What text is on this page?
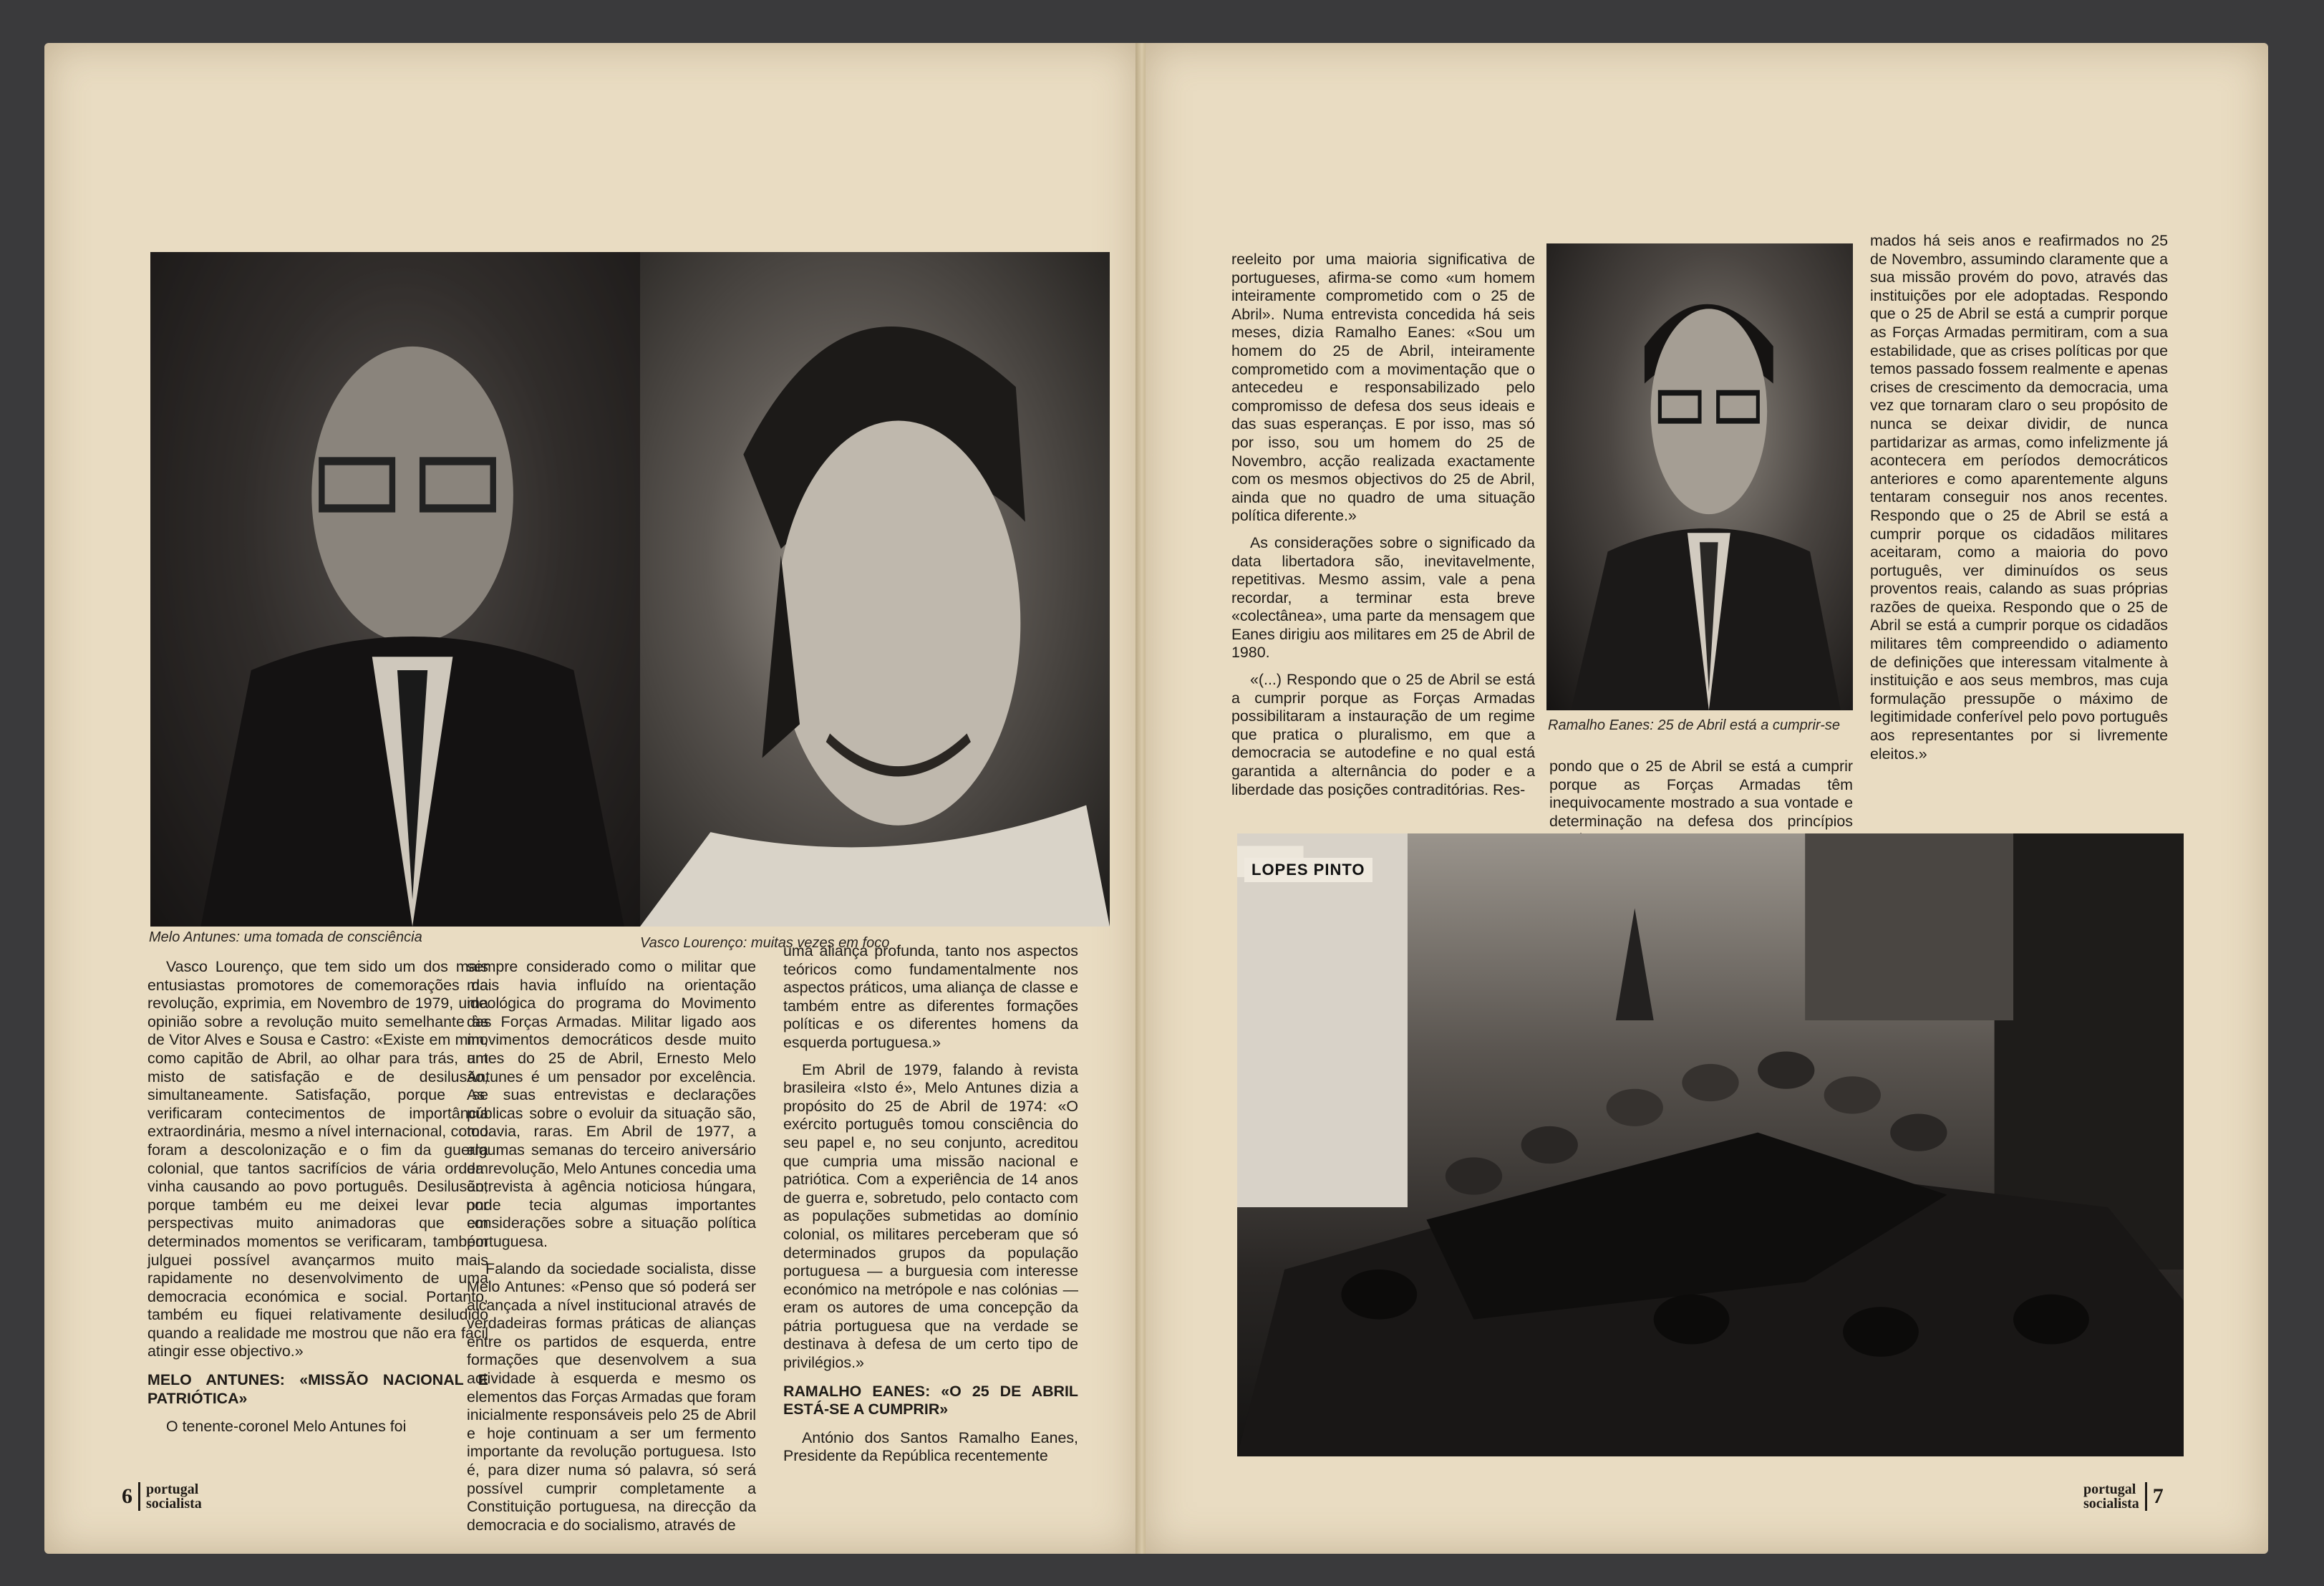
Melo Antunes: uma tomada de consciência	Vasco Lourenço: muitas vezes em foco

Vasco Lourenço, que tem sido um dos mais entusiastas promotores de comemorações da revolução, exprimia, em Novembro de 1979, uma opinião sobre a revolução muito semelhante às de Vitor Alves e Sousa e Castro: «Existe em mim, como capitão de Abril, ao olhar para trás, um misto de satisfação e de desilusão, simultaneamente. Satisfação, porque se verificaram contecimentos de importância extraordinária, mesmo a nível internacional, como foram a descolonização e o fim da guerra colonial, que tantos sacrifícios de vária ordem vinha causando ao povo português. Desilusão, porque também eu me deixei levar por perspectivas muito animadoras que em determinados momentos se verificaram, também julguei possível avançarmos muito mais rapidamente no desenvolvimento de uma democracia económica e social. Portanto, também eu fiquei relativamente desiludido quando a realidade me mostrou que não era fácil atingir esse objectivo.»

MELO ANTUNES: «MISSÃO NACIONAL E PATRIÓTICA»

O tenente-coronel Melo Antunes foi

sempre considerado como o militar que mais havia influído na orientação ideológica do programa do Movimento das Forças Armadas. Militar ligado aos movimentos democráticos desde muito antes do 25 de Abril, Ernesto Melo Antunes é um pensador por excelência. As suas entrevistas e declarações públicas sobre o evoluir da situação são, todavia, raras. Em Abril de 1977, a algumas semanas do terceiro aniversário da revolução, Melo Antunes concedia uma entrevista à agência noticiosa húngara, onde tecia algumas importantes considerações sobre a situação política portuguesa.

Falando da sociedade socialista, disse Melo Antunes: «Penso que só poderá ser alcançada a nível institucional através de verdadeiras formas práticas de alianças entre os partidos de esquerda, entre formações que desenvolvem a sua actividade à esquerda e mesmo os elementos das Forças Armadas que foram inicialmente responsáveis pelo 25 de Abril e hoje continuam a ser um fermento importante da revolução portuguesa. Isto é, para dizer numa só palavra, só será possível cumprir completamente a Constituição portuguesa, na direcção da democracia e do socialismo, através de

uma aliança profunda, tanto nos aspectos teóricos como fundamentalmente nos aspectos práticos, uma aliança de classe e também entre as diferentes formações políticas e os diferentes homens da esquerda portuguesa.»

Em Abril de 1979, falando à revista brasileira «Isto é», Melo Antunes dizia a propósito do 25 de Abril de 1974: «O exército português tomou consciência do seu papel e, no seu conjunto, acreditou que cumpria uma missão nacional e patriótica. Com a experiência de 14 anos de guerra e, sobretudo, pelo contacto com as populações submetidas ao domínio colonial, os militares perceberam que só determinados grupos da população portuguesa — a burguesia com interesse económico na metrópole e nas colónias — eram os autores de uma concepção da pátria portuguesa que na verdade se destinava à defesa de um certo tipo de privilégios.»

RAMALHO EANES: «O 25 DE ABRIL ESTÁ-SE A CUMPRIR»

António dos Santos Ramalho Eanes, Presidente da República recentemente

6 portugal
socialista

reeleito por uma maioria significativa de portugueses, afirma-se como «um homem inteiramente comprometido com o 25 de Abril». Numa entrevista concedida há seis meses, dizia Ramalho Eanes: «Sou um homem do 25 de Abril, inteiramente comprometido com a movimentação que o antecedeu e responsabilizado pelo compromisso de defesa dos seus ideais e das suas esperanças. E por isso, mas só por isso, sou um homem do 25 de Novembro, acção realizada exactamente com os mesmos objectivos do 25 de Abril, ainda que no quadro de uma situação política diferente.»

As considerações sobre o significado da data libertadora são, inevitavelmente, repetitivas. Mesmo assim, vale a pena recordar, a terminar esta breve «colectânea», uma parte da mensagem que Eanes dirigiu aos militares em 25 de Abril de 1980.

«(...) Respondo que o 25 de Abril se está a cumprir porque as Forças Armadas possibilitaram a instauração de um regime que pratica o pluralismo, em que a democracia se autodefine e no qual está garantida a alternância do poder e a liberdade das posições contraditórias. Res-

Ramalho Eanes: 25 de Abril está a cumprir-se

pondo que o 25 de Abril se está a cumprir porque as Forças Armadas têm inequivocamente mostrado a sua vontade e determinação na defesa dos princípios

mados há seis anos e reafirmados no 25 de Novembro, assumindo claramente que a sua missão provém do povo, através das instituições por ele adoptadas. Respondo que o 25 de Abril se está a cumprir porque as Forças Armadas permitiram, com a sua estabilidade, que as crises políticas por que temos passado fossem realmente e apenas crises de crescimento da democracia, uma vez que tornaram claro o seu propósito de nunca se deixar dividir, de nunca partidarizar as armas, como infelizmente já acontecera em períodos democráticos anteriores e como aparentemente alguns tentaram conseguir nos anos recentes. Respondo que o 25 de Abril se está a cumprir porque os cidadãos militares aceitaram, como a maioria do povo português, ver diminuídos os seus proventos reais, calando as suas próprias razões de queixa. Respondo que o 25 de Abril se está a cumprir porque os cidadãos militares têm compreendido o adiamento de definições que interessam vitalmente à instituição e aos seus membros, mas cuja formulação pressupõe o máximo de legitimidade conferível pelo povo português aos representantes por si livremente eleitos.»

LOPES PINTO
portugal
socialista 7
